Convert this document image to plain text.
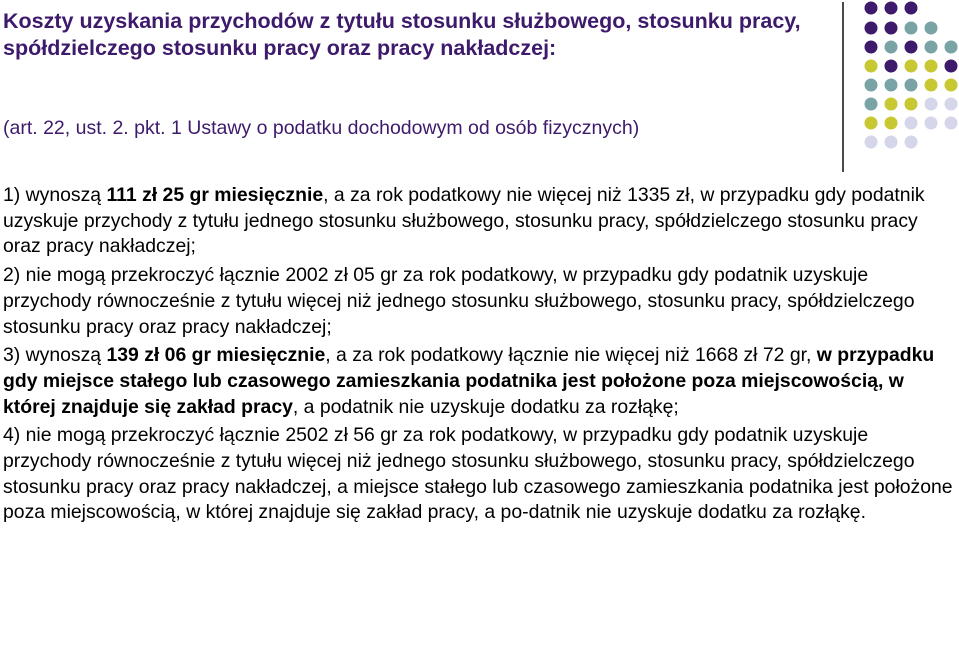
Koszty uzyskania przychodów z tytułu stosunku służbowego, stosunku pracy, spółdzielczego stosunku pracy oraz pracy nakładczej:
(art. 22, ust. 2. pkt. 1 Ustawy o podatku dochodowym od osób fizycznych)

1) wynoszą 111 zł 25 gr miesięcznie, a za rok podatkowy nie więcej niż 1335 zł, w przypadku gdy podatnik uzyskuje przychody z tytułu jednego stosunku służbowego, stosunku pracy, spółdzielczego stosunku pracy oraz pracy nakładczej;

2) nie mogą przekroczyć łącznie 2002 zł 05 gr za rok podatkowy, w przypadku gdy podatnik uzyskuje przychody równocześnie z tytułu więcej niż jednego stosunku służbowego, stosunku pracy, spółdzielczego stosunku pracy oraz pracy nakładczej;

3) wynoszą 139 zł 06 gr miesięcznie, a za rok podatkowy łącznie nie więcej niż 1668 zł 72 gr, w przypadku gdy miejsce stałego lub czasowego zamieszkania podatnika jest położone poza miejscowością, w której znajduje się zakład pracy, a podatnik nie uzyskuje dodatku za rozłąkę;

4) nie mogą przekroczyć łącznie 2502 zł 56 gr za rok podatkowy, w przypadku gdy podatnik uzyskuje przychody równocześnie z tytułu więcej niż jednego stosunku służbowego, stosunku pracy, spółdzielczego stosunku pracy oraz pracy nakładczej, a miejsce stałego lub czasowego zamieszkania podatnika jest położone poza miejscowością, w której znajduje się zakład pracy, a po-datnik nie uzyskuje dodatku za rozłąkę.
